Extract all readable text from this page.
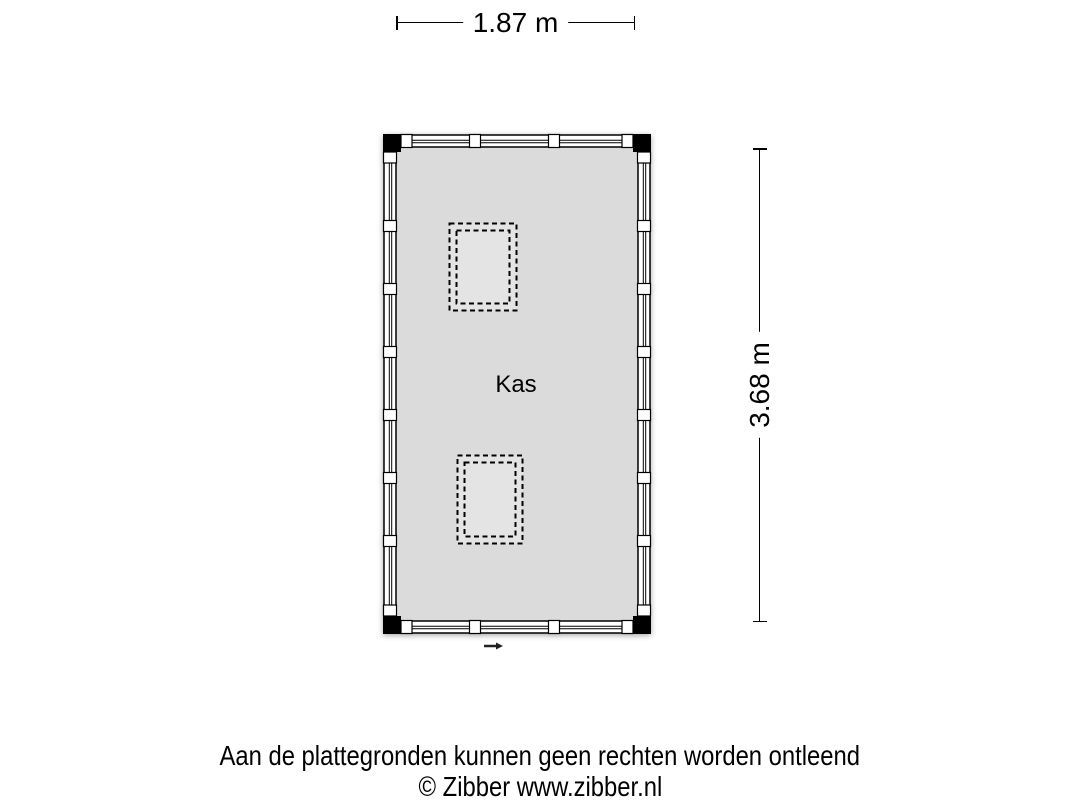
1.87 m
3.68 m
Kas
Aan de plattegronden kunnen geen rechten worden ontleend
© Zibber www.zibber.nl
